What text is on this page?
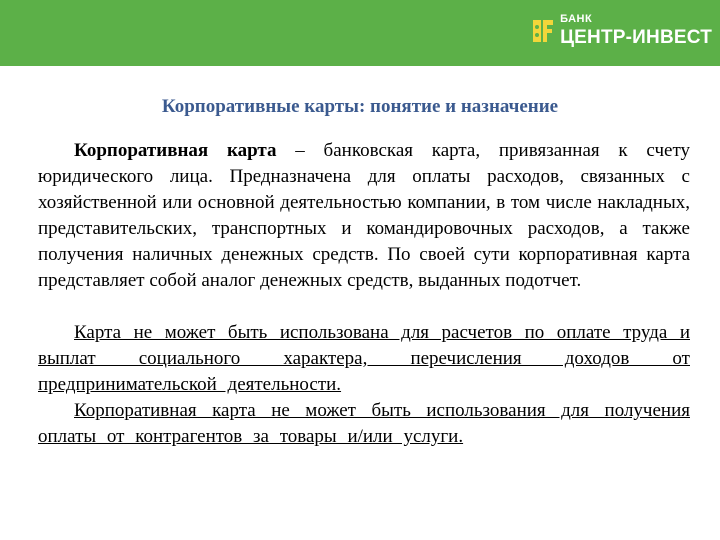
БАНК
ЦЕНТР-ИНВЕСТ
Корпоративные карты: понятие и назначение

Корпоративная карта – банковская карта, привязанная к счету юридического лица. Предназначена для оплаты расходов, связанных с хозяйственной или основной деятельностью компании, в том числе накладных, представительских, транспортных и командировочных расходов, а также получения наличных денежных средств. По своей сути корпоративная карта представляет собой аналог денежных средств, выданных подотчет.

Карта не может быть использована для расчетов по оплате труда и выплат социального характера, перечисления доходов от предпринимательской деятельности.

Корпоративная карта не может быть использования для получения оплаты от контрагентов за товары и/или услуги.
